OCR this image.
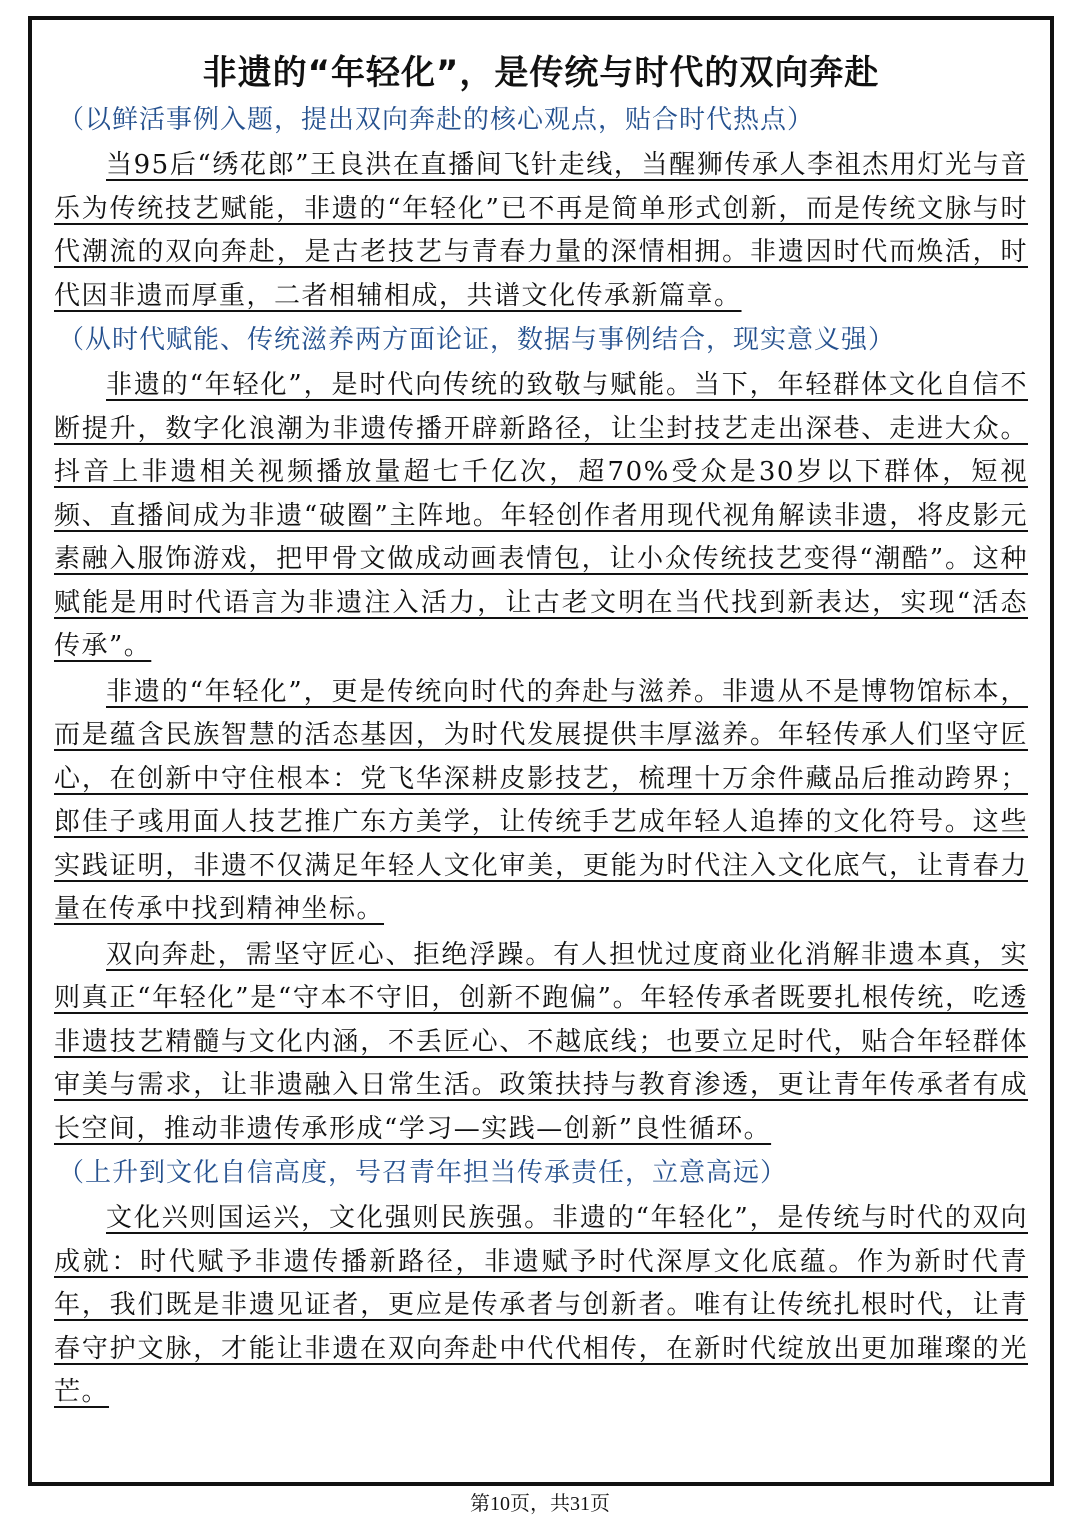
非遗的“年轻化”，是传统与时代的双向奔赴
（以鲜活事例入题，提出双向奔赴的核心观点，贴合时代热点）

当95后“绣花郎”王良洪在直播间飞针走线，当醒狮传承人李祖杰用灯光与音乐为传统技艺赋能，非遗的“年轻化”已不再是简单形式创新，而是传统文脉与时代潮流的双向奔赴，是古老技艺与青春力量的深情相拥。非遗因时代而焕活，时代因非遗而厚重，二者相辅相成，共谱文化传承新篇章。

（从时代赋能、传统滋养两方面论证，数据与事例结合，现实意义强）

非遗的“年轻化”，是时代向传统的致敬与赋能。当下，年轻群体文化自信不断提升，数字化浪潮为非遗传播开辟新路径，让尘封技艺走出深巷、走进大众。抖音上非遗相关视频播放量超七千亿次，超70%受众是30岁以下群体，短视频、直播间成为非遗“破圈”主阵地。年轻创作者用现代视角解读非遗，将皮影元素融入服饰游戏，把甲骨文做成动画表情包，让小众传统技艺变得“潮酷”。这种赋能是用时代语言为非遗注入活力，让古老文明在当代找到新表达，实现“活态传承”。

非遗的“年轻化”，更是传统向时代的奔赴与滋养。非遗从不是博物馆标本，而是蕴含民族智慧的活态基因，为时代发展提供丰厚滋养。年轻传承人们坚守匠心，在创新中守住根本：党飞华深耕皮影技艺，梳理十万余件藏品后推动跨界；郎佳子彧用面人技艺推广东方美学，让传统手艺成年轻人追捧的文化符号。这些实践证明，非遗不仅满足年轻人文化审美，更能为时代注入文化底气，让青春力量在传承中找到精神坐标。

双向奔赴，需坚守匠心、拒绝浮躁。有人担忧过度商业化消解非遗本真，实则真正“年轻化”是“守本不守旧，创新不跑偏”。年轻传承者既要扎根传统，吃透非遗技艺精髓与文化内涵，不丢匠心、不越底线；也要立足时代，贴合年轻群体审美与需求，让非遗融入日常生活。政策扶持与教育渗透，更让青年传承者有成长空间，推动非遗传承形成“学习—实践—创新”良性循环。

（上升到文化自信高度，号召青年担当传承责任，立意高远）

文化兴则国运兴，文化强则民族强。非遗的“年轻化”，是传统与时代的双向成就：时代赋予非遗传播新路径，非遗赋予时代深厚文化底蕴。作为新时代青年，我们既是非遗见证者，更应是传承者与创新者。唯有让传统扎根时代，让青春守护文脉，才能让非遗在双向奔赴中代代相传，在新时代绽放出更加璀璨的光芒。

第10页，共31页
